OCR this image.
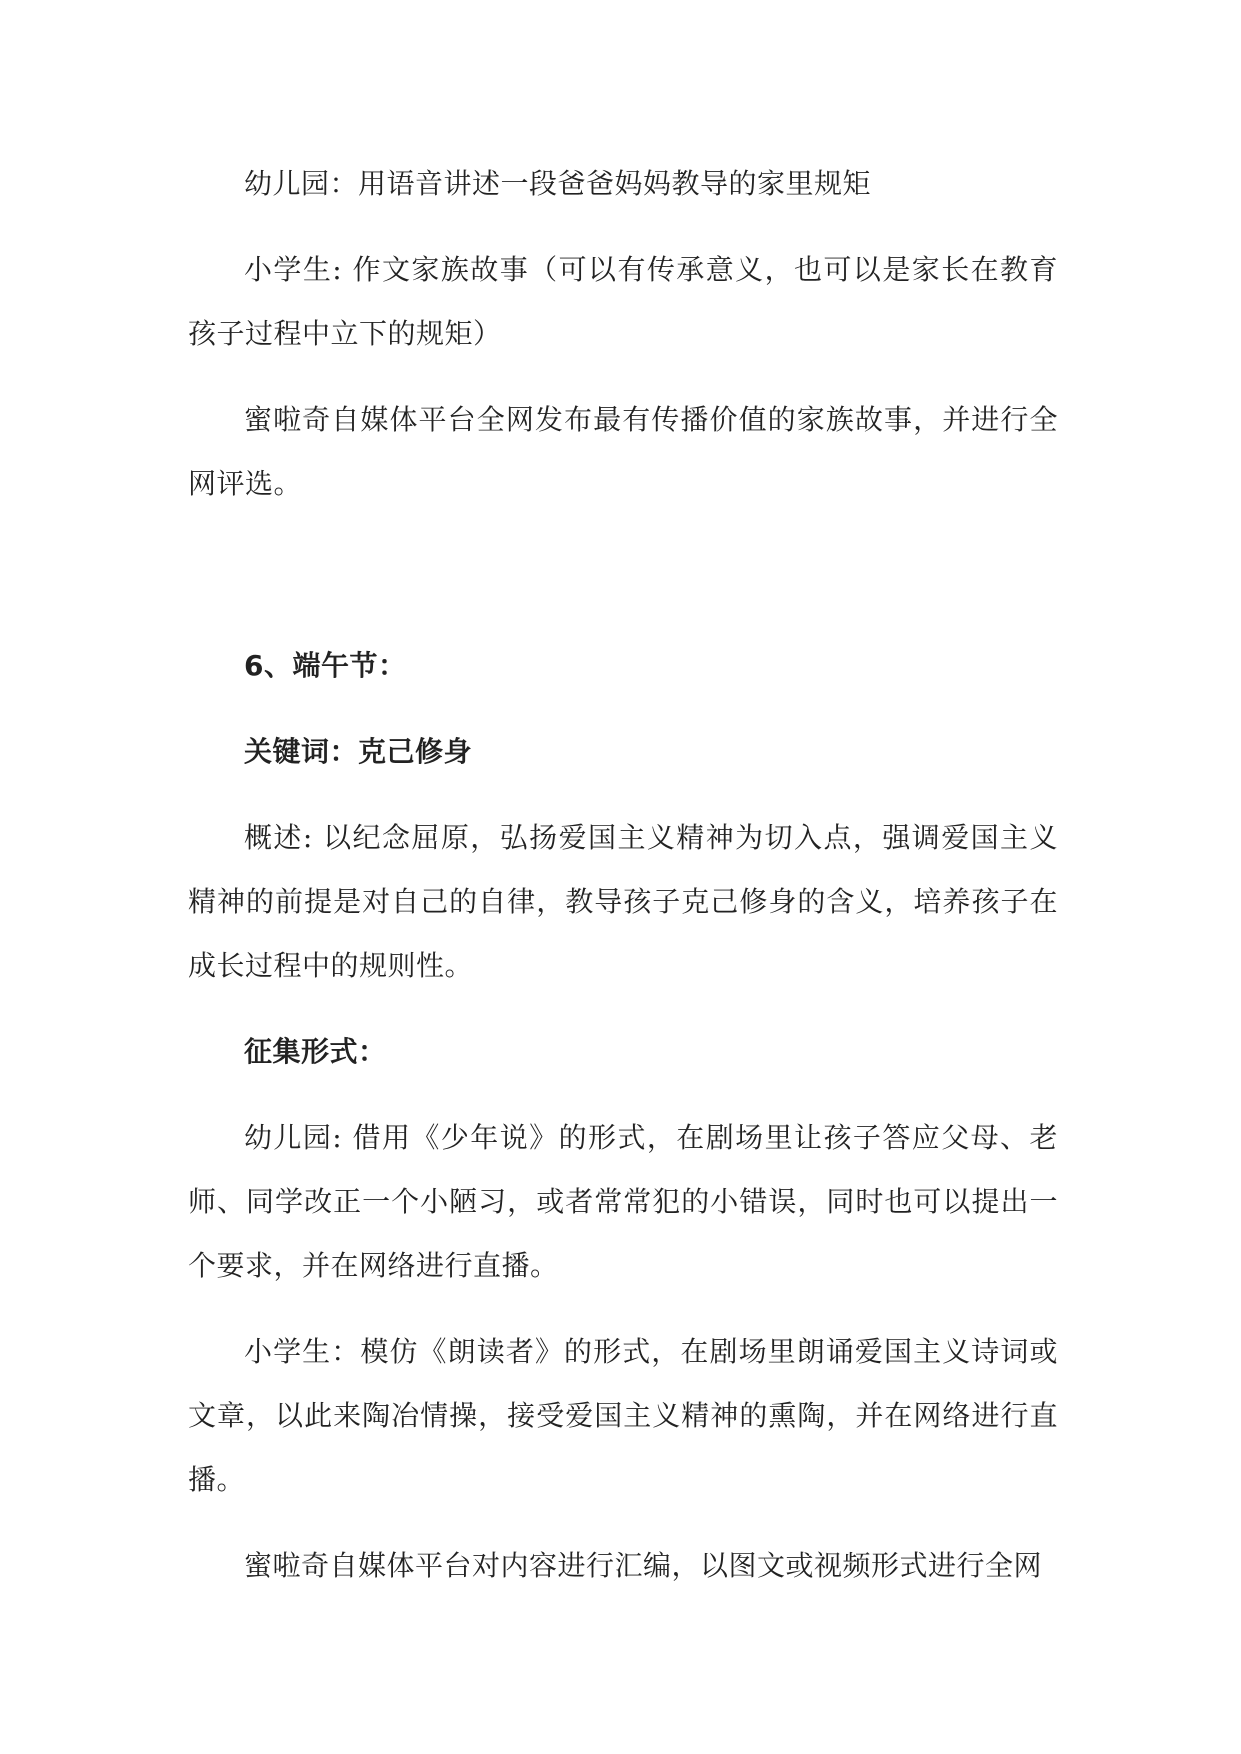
幼儿园：用语音讲述一段爸爸妈妈教导的家里规矩

小学生: 作文家族故事（可以有传承意义，也可以是家长在教育孩子过程中立下的规矩）

蜜啦奇自媒体平台全网发布最有传播价值的家族故事，并进行全网评选。

6、端午节：

关键词：克己修身

概述: 以纪念屈原，弘扬爱国主义精神为切入点，强调爱国主义精神的前提是对自己的自律，教导孩子克己修身的含义，培养孩子在成长过程中的规则性。

征集形式：

幼儿园: 借用《少年说》的形式，在剧场里让孩子答应父母、老师、同学改正一个小陋习，或者常常犯的小错误，同时也可以提出一个要求，并在网络进行直播。

小学生：模仿《朗读者》的形式，在剧场里朗诵爱国主义诗词或文章，以此来陶冶情操，接受爱国主义精神的熏陶，并在网络进行直播。

蜜啦奇自媒体平台对内容进行汇编，以图文或视频形式进行全网
